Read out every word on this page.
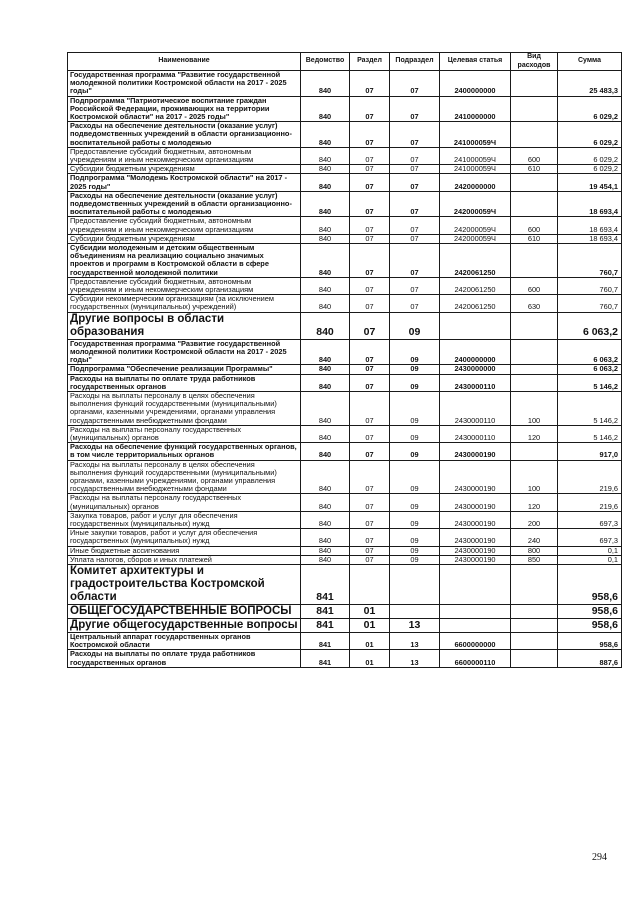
Наименование	Ведомство	Раздел	Подраздел	Целевая статья	Вид расходов	Сумма
Государственная программа "Развитие государственной молодежной политики Костромской области на 2017 - 2025 годы"	840	07	07	2400000000		25 483,3
Подпрограмма "Патриотическое воспитание граждан Российской Федерации, проживающих на территории Костромской области" на 2017 - 2025 годы"	840	07	07	2410000000		6 029,2
Расходы на обеспечение деятельности (оказание услуг) подведомственных учреждений в области организационно-воспитательной работы с молодежью	840	07	07	241000059Ч		6 029,2
Предоставление субсидий бюджетным, автономным учреждениям и иным некоммерческим организациям	840	07	07	241000059Ч	600	6 029,2
Субсидии бюджетным учреждениям	840	07	07	241000059Ч	610	6 029,2
Подпрограмма "Молодежь Костромской области" на 2017 - 2025 годы"	840	07	07	2420000000		19 454,1
Расходы на обеспечение деятельности (оказание услуг) подведомственных учреждений в области организационно-воспитательной работы с молодежью	840	07	07	242000059Ч		18 693,4
Предоставление субсидий бюджетным, автономным учреждениям и иным некоммерческим организациям	840	07	07	242000059Ч	600	18 693,4
Субсидии бюджетным учреждениям	840	07	07	242000059Ч	610	18 693,4
Субсидии молодежным и детским общественным объединениям на реализацию социально значимых проектов и программ в Костромской области в сфере государственной молодежной политики	840	07	07	2420061250		760,7
Предоставление субсидий бюджетным, автономным учреждениям и иным некоммерческим организациям	840	07	07	2420061250	600	760,7
Субсидии некоммерческим организациям (за исключением государственных (муниципальных) учреждений)	840	07	07	2420061250	630	760,7
Другие вопросы в области образования	840	07	09			6 063,2
Государственная программа "Развитие государственной молодежной политики Костромской области на 2017 - 2025 годы"	840	07	09	2400000000		6 063,2
Подпрограмма "Обеспечение реализации Программы"	840	07	09	2430000000		6 063,2
Расходы на выплаты по оплате труда работников государственных органов	840	07	09	2430000110		5 146,2
Расходы на выплаты персоналу в целях обеспечения выполнения функций государственными (муниципальными) органами, казенными учреждениями, органами управления государственными внебюджетными фондами	840	07	09	2430000110	100	5 146,2
Расходы на выплаты персоналу государственных (муниципальных) органов	840	07	09	2430000110	120	5 146,2
Расходы на обеспечение функций государственных органов, в том числе территориальных органов	840	07	09	2430000190		917,0
Расходы на выплаты персоналу в целях обеспечения выполнения функций государственными (муниципальными) органами, казенными учреждениями, органами управления государственными внебюджетными фондами	840	07	09	2430000190	100	219,6
Расходы на выплаты персоналу государственных (муниципальных) органов	840	07	09	2430000190	120	219,6
Закупка товаров, работ и услуг для обеспечения государственных (муниципальных) нужд	840	07	09	2430000190	200	697,3
Иные закупки товаров, работ и услуг для обеспечения государственных (муниципальных) нужд	840	07	09	2430000190	240	697,3
Иные бюджетные ассигнования	840	07	09	2430000190	800	0,1
Уплата налогов, сборов и иных платежей	840	07	09	2430000190	850	0,1
Комитет архитектуры и градостроительства Костромской области	841					958,6
ОБЩЕГОСУДАРСТВЕННЫЕ ВОПРОСЫ	841	01				958,6
Другие общегосударственные вопросы	841	01	13			958,6
Центральный аппарат государственных органов Костромской области	841	01	13	6600000000		958,6
Расходы на выплаты по оплате труда работников государственных органов	841	01	13	6600000110		887,6
294
